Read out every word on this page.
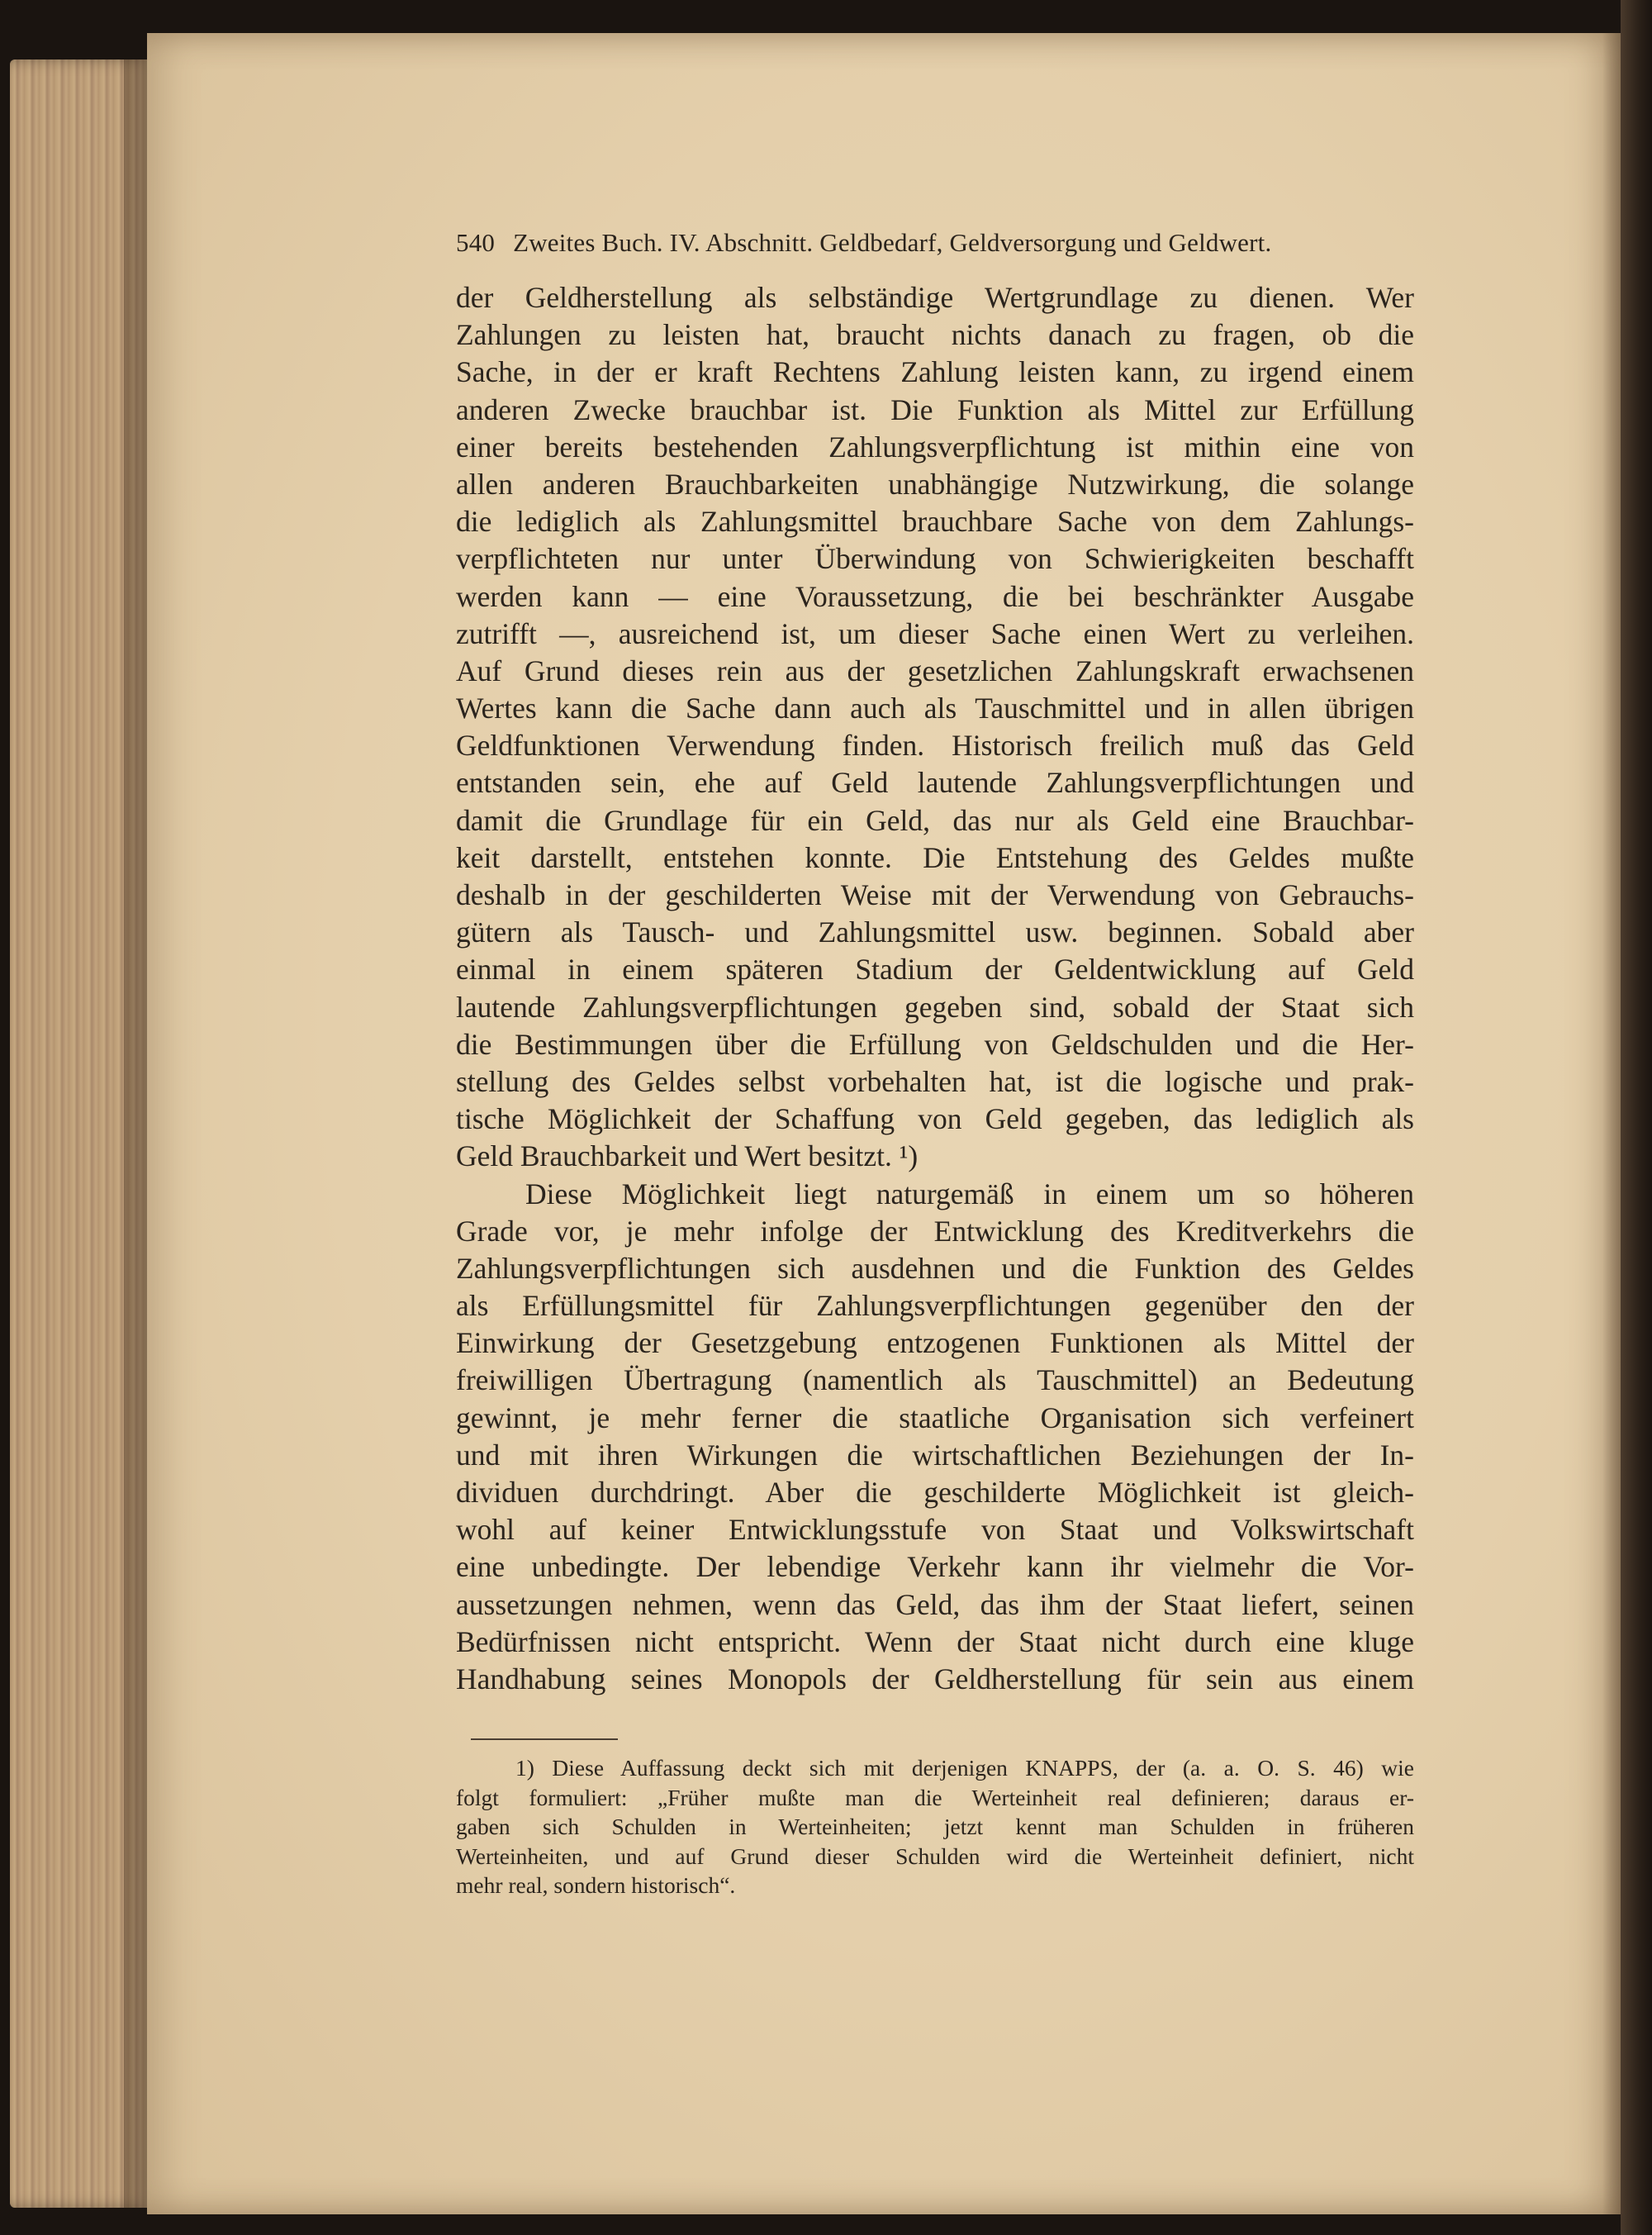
540 Zweites Buch. IV. Abschnitt. Geldbedarf, Geldversorgung und Geldwert.
der Geldherstellung als selbständige Wertgrundlage zu dienen. Wer
Zahlungen zu leisten hat, braucht nichts danach zu fragen, ob die
Sache, in der er kraft Rechtens Zahlung leisten kann, zu irgend einem
anderen Zwecke brauchbar ist. Die Funktion als Mittel zur Erfüllung
einer bereits bestehenden Zahlungsverpflichtung ist mithin eine von
allen anderen Brauchbarkeiten unabhängige Nutzwirkung, die solange
die lediglich als Zahlungsmittel brauchbare Sache von dem Zahlungs-
verpflichteten nur unter Überwindung von Schwierigkeiten beschafft
werden kann — eine Voraussetzung, die bei beschränkter Ausgabe
zutrifft —, ausreichend ist, um dieser Sache einen Wert zu verleihen.
Auf Grund dieses rein aus der gesetzlichen Zahlungskraft erwachsenen
Wertes kann die Sache dann auch als Tauschmittel und in allen übrigen
Geldfunktionen Verwendung finden. Historisch freilich muß das Geld
entstanden sein, ehe auf Geld lautende Zahlungsverpflichtungen und
damit die Grundlage für ein Geld, das nur als Geld eine Brauchbar-
keit darstellt, entstehen konnte. Die Entstehung des Geldes mußte
deshalb in der geschilderten Weise mit der Verwendung von Gebrauchs-
gütern als Tausch- und Zahlungsmittel usw. beginnen. Sobald aber
einmal in einem späteren Stadium der Geldentwicklung auf Geld
lautende Zahlungsverpflichtungen gegeben sind, sobald der Staat sich
die Bestimmungen über die Erfüllung von Geldschulden und die Her-
stellung des Geldes selbst vorbehalten hat, ist die logische und prak-
tische Möglichkeit der Schaffung von Geld gegeben, das lediglich als
Geld Brauchbarkeit und Wert besitzt. ¹)
Diese Möglichkeit liegt naturgemäß in einem um so höheren
Grade vor, je mehr infolge der Entwicklung des Kreditverkehrs die
Zahlungsverpflichtungen sich ausdehnen und die Funktion des Geldes
als Erfüllungsmittel für Zahlungsverpflichtungen gegenüber den der
Einwirkung der Gesetzgebung entzogenen Funktionen als Mittel der
freiwilligen Übertragung (namentlich als Tauschmittel) an Bedeutung
gewinnt, je mehr ferner die staatliche Organisation sich verfeinert
und mit ihren Wirkungen die wirtschaftlichen Beziehungen der In-
dividuen durchdringt. Aber die geschilderte Möglichkeit ist gleich-
wohl auf keiner Entwicklungsstufe von Staat und Volkswirtschaft
eine unbedingte. Der lebendige Verkehr kann ihr vielmehr die Vor-
aussetzungen nehmen, wenn das Geld, das ihm der Staat liefert, seinen
Bedürfnissen nicht entspricht. Wenn der Staat nicht durch eine kluge
Handhabung seines Monopols der Geldherstellung für sein aus einem
1) Diese Auffassung deckt sich mit derjenigen KNAPPS, der (a. a. O. S. 46) wie
folgt formuliert: „Früher mußte man die Werteinheit real definieren; daraus er-
gaben sich Schulden in Werteinheiten; jetzt kennt man Schulden in früheren
Werteinheiten, und auf Grund dieser Schulden wird die Werteinheit definiert, nicht
mehr real, sondern historisch“.
